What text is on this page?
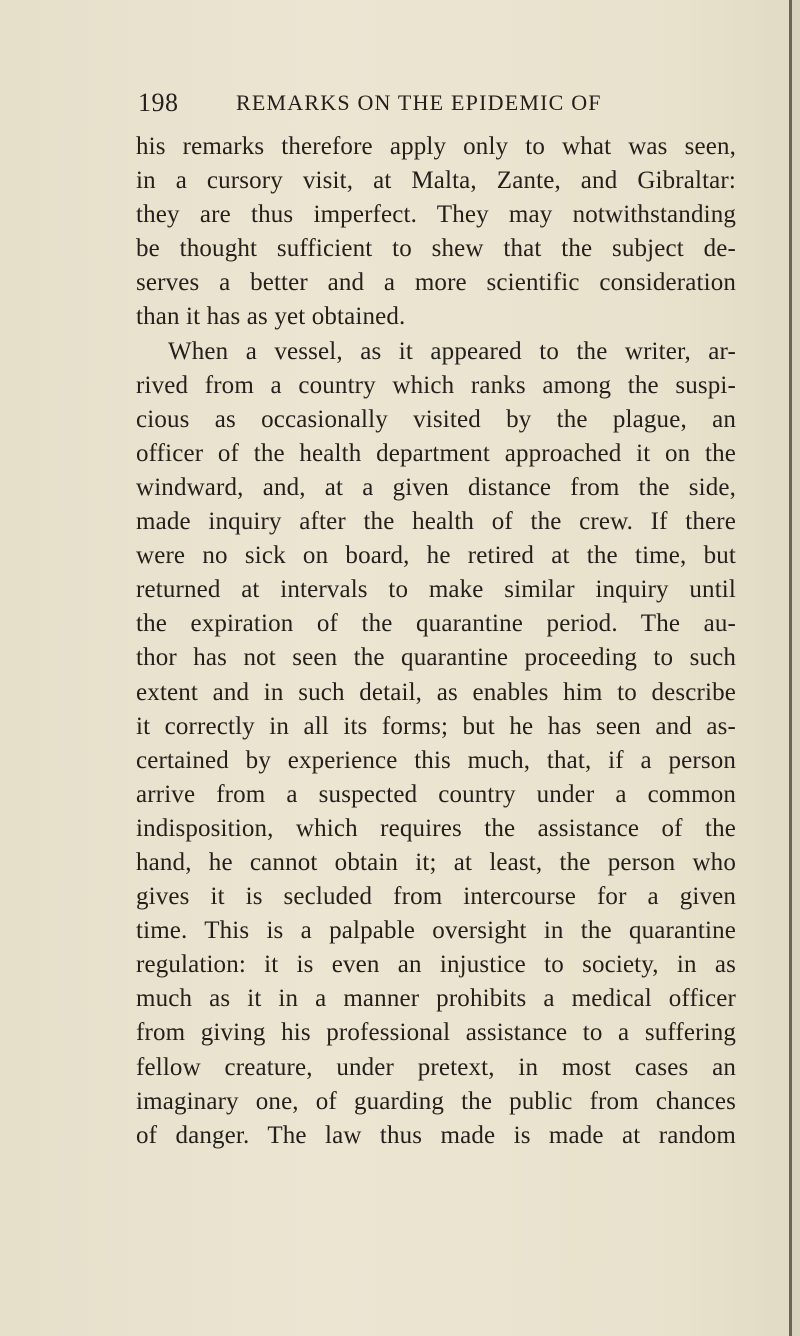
198	REMARKS ON THE EPIDEMIC OF
his remarks therefore apply only to what was seen,
in a cursory visit, at Malta, Zante, and Gibraltar:
they are thus imperfect. They may notwithstanding
be thought sufficient to shew that the subject de-
serves a better and a more scientific consideration
than it has as yet obtained.
When a vessel, as it appeared to the writer, ar-
rived from a country which ranks among the suspi-
cious as occasionally visited by the plague, an
officer of the health department approached it on the
windward, and, at a given distance from the side,
made inquiry after the health of the crew. If there
were no sick on board, he retired at the time, but
returned at intervals to make similar inquiry until
the expiration of the quarantine period. The au-
thor has not seen the quarantine proceeding to such
extent and in such detail, as enables him to describe
it correctly in all its forms; but he has seen and as-
certained by experience this much, that, if a person
arrive from a suspected country under a common
indisposition, which requires the assistance of the
hand, he cannot obtain it; at least, the person who
gives it is secluded from intercourse for a given
time. This is a palpable oversight in the quarantine
regulation: it is even an injustice to society, in as
much as it in a manner prohibits a medical officer
from giving his professional assistance to a suffering
fellow creature, under pretext, in most cases an
imaginary one, of guarding the public from chances
of danger. The law thus made is made at random
